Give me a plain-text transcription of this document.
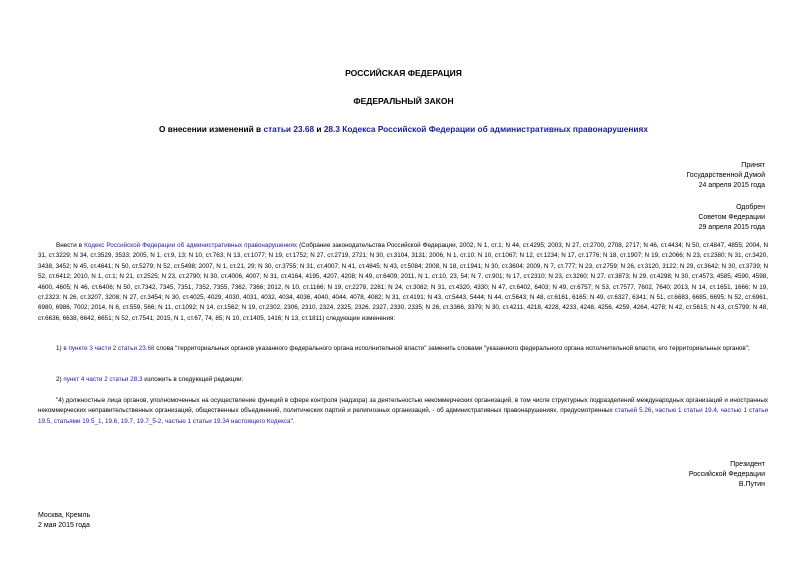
РОССИЙСКАЯ ФЕДЕРАЦИЯ
ФЕДЕРАЛЬНЫЙ ЗАКОН
О внесении изменений в статьи 23.68 и 28.3 Кодекса Российской Федерации об административных правонарушениях
Принят
Государственной Думой
24 апреля 2015 года
Одобрен
Советом Федерации
29 апреля 2015 года
Внести в Кодекс Российской Федерации об административных правонарушениях (Собрание законодательства Российской Федерации, 2002, N 1, ст.1; N 44, ст.4295; 2003, N 27, ст.2700, 2708, 2717; N 46, ст.4434; N 50, ст.4847, 4855; 2004, N 31, ст.3229; N 34, ст.3529, 3533; 2005, N 1, ст.9, 13; N 10, ст.763; N 13, ст.1077; N 19, ст.1752; N 27, ст.2719, 2721; N 30, ст.3104, 3131; 2006, N 1, ст.10; N 10, ст.1067; N 12, ст.1234; N 17, ст.1776; N 18, ст.1907; N 19, ст.2066; N 23, ст.2380; N 31, ст.3420, 3438, 3452; N 45, ст.4641; N 50, ст.5279; N 52, ст.5498; 2007, N 1, ст.21, 29; N 30, ст.3755; N 31, ст.4007; N 41, ст.4845; N 43, ст.5084; 2008, N 18, ст.1941; N 30, ст.3604; 2009, N 7, ст.777; N 23, ст.2759; N 26, ст.3120, 3122; N 29, ст.3642; N 30, ст.3739; N 52, ст.6412; 2010, N 1, ст.1; N 21, ст.2525; N 23, ст.2790; N 30, ст.4006, 4007; N 31, ст.4164, 4195, 4207, 4208; N 49, ст.6409; 2011, N 1, ст.10, 23, 54; N 7, ст.901; N 17, ст.2310; N 23, ст.3260; N 27, ст.3873; N 29, ст.4298; N 30, ст.4573, 4585, 4590, 4598, 4600, 4605; N 46, ст.6406; N 50, ст.7342, 7345, 7351, 7352, 7355, 7362, 7366; 2012, N 10, ст.1166; N 19, ст.2278, 2281; N 24, ст.3082; N 31, ст.4320, 4330; N 47, ст.6402, 6403; N 49, ст.6757; N 53, ст.7577, 7602, 7640; 2013, N 14, ст.1651, 1666; N 19, ст.2323; N 26, ст.3207, 3208; N 27, ст.3454; N 30, ст.4025, 4029, 4030, 4031, 4032, 4034, 4036, 4040, 4044, 4078, 4082; N 31, ст.4191; N 43, ст.5443, 5444; N 44, ст.5643; N 48, ст.6161, 6165; N 49, ст.6327, 6341; N 51, ст.6683, 6685, 6695; N 52, ст.6961, 6980, 6986, 7002; 2014, N 6, ст.559, 566; N 11, ст.1092; N 14, ст.1562; N 19, ст.2302, 2306, 2310, 2324, 2325, 2326, 2327, 2330, 2335; N 26, ст.3366, 3379; N 30, ст.4211, 4218, 4228, 4233, 4248, 4256, 4259, 4264, 4278; N 42, ст.5615; N 43, ст.5799; N 48, ст.6636, 6638, 6642, 6651; N 52, ст.7541; 2015, N 1, ст.67, 74, 85; N 10, ст.1405, 1416; N 13, ст.1811) следующие изменения:
1) в пункте 3 части 2 статьи 23.68 слова "территориальных органов указанного федерального органа исполнительной власти" заменить словами "указанного федерального органа исполнительной власти, его территориальных органов";
2) пункт 4 части 2 статьи 28.3 изложить в следующей редакции:
"4) должностные лица органов, уполномоченных на осуществление функций в сфере контроля (надзора) за деятельностью некоммерческих организаций, в том числе структурных подразделений международных организаций и иностранных некоммерческих неправительственных организаций, общественных объединений, политических партий и религиозных организаций, - об административных правонарушениях, предусмотренных статьей 5.26, частью 1 статьи 19.4, частью 1 статьи 19.5, статьями 19.5_1, 19.6, 19.7, 19.7_5-2, частью 1 статьи 19.34 настоящего Кодекса".
Президент
Российской Федерации
В.Путин
Москва, Кремль
2 мая 2015 года
